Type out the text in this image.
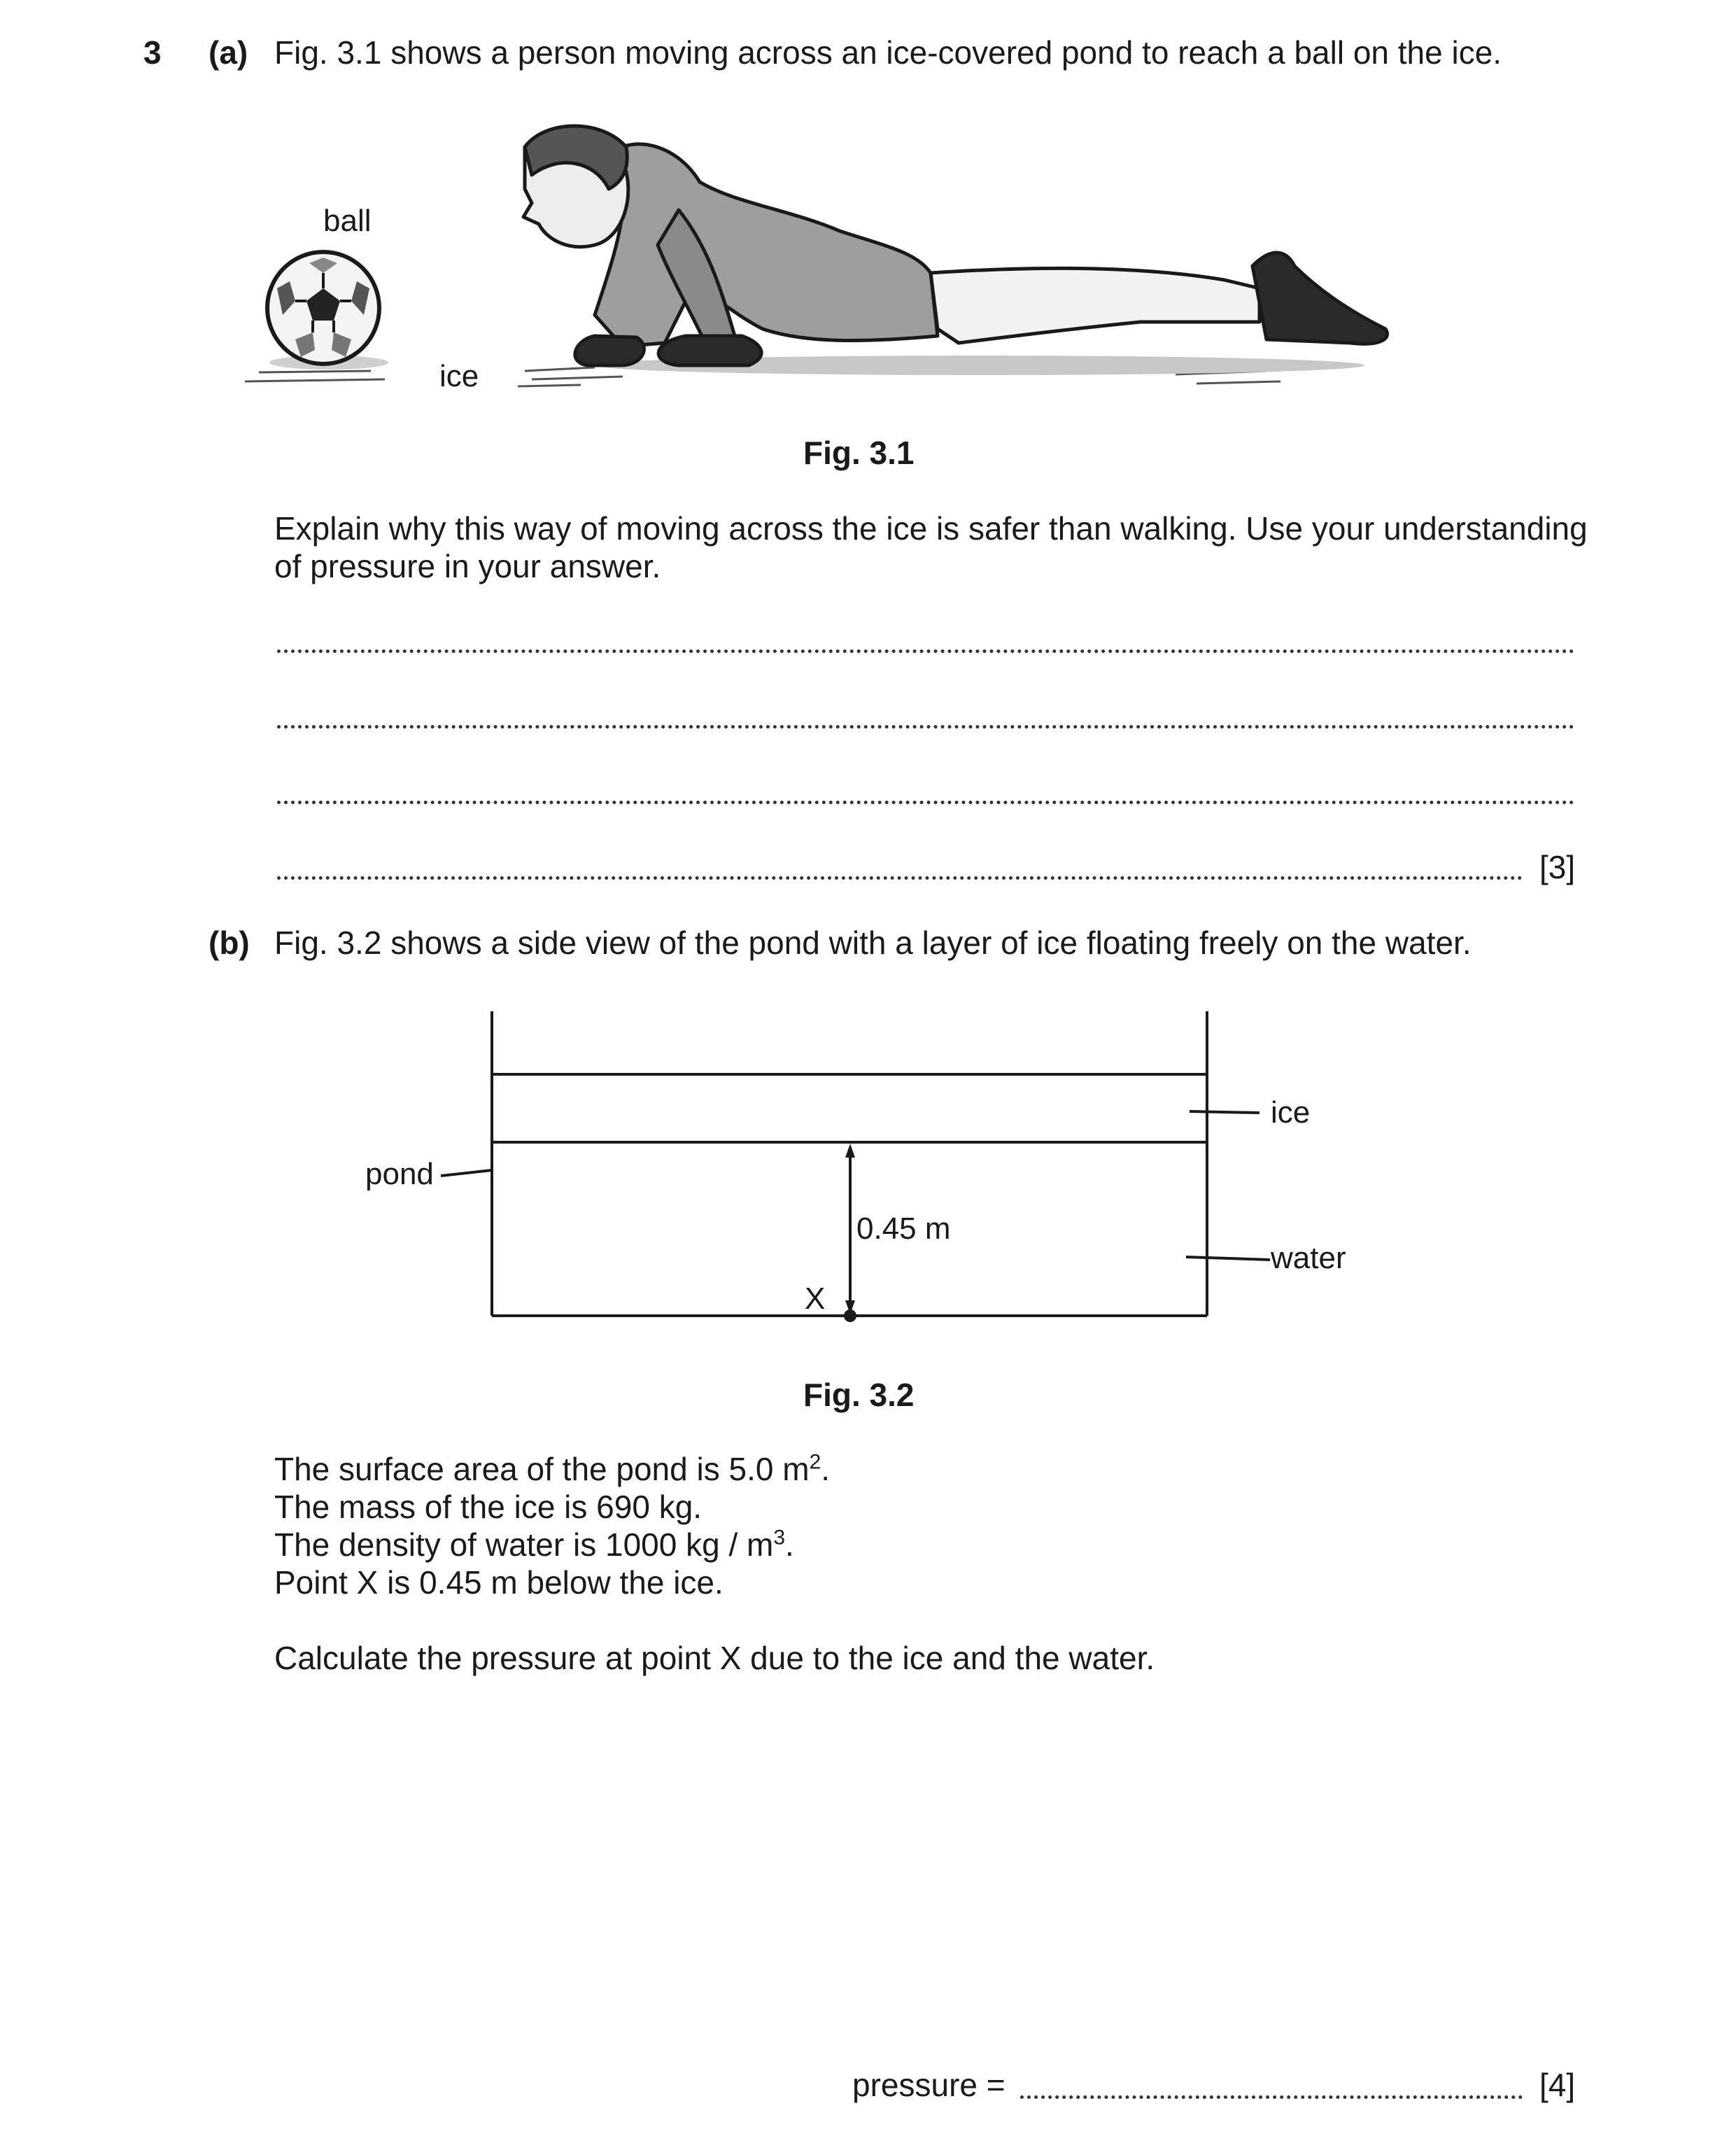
3 (a) Fig. 3.1 shows a person moving across an ice-covered pond to reach a ball on the ice.
ball
ice
Fig. 3.1
Explain why this way of moving across the ice is safer than walking. Use your understanding
of pressure in your answer.
[3]
(b) Fig. 3.2 shows a side view of the pond with a layer of ice floating freely on the water.
pond
ice
water
0.45 m
X
Fig. 3.2
The surface area of the pond is 5.0 $m^2$.
The mass of the ice is 690 kg.
The density of water is 1000 kg / $m^3$.
Point X is 0.45 m below the ice.
Calculate the pressure at point X due to the ice and the water.
pressure =	[4]
